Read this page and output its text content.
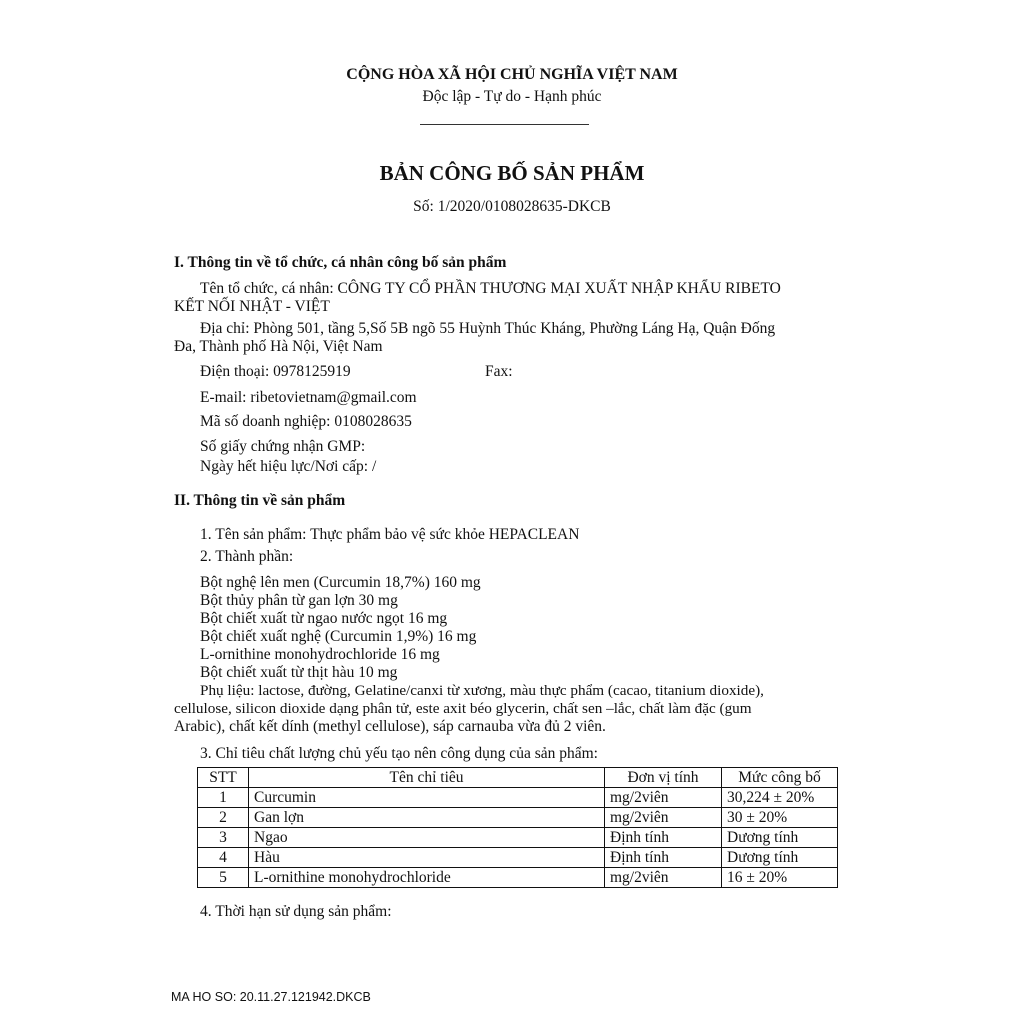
CỘNG HÒA XÃ HỘI CHỦ NGHĨA VIỆT NAM
Độc lập - Tự do - Hạnh phúc
BẢN CÔNG BỐ SẢN PHẨM
Số: 1/2020/0108028635-DKCB
I. Thông tin về tổ chức, cá nhân công bố sản phẩm
Tên tổ chức, cá nhân: CÔNG TY CỔ PHẦN THƯƠNG MẠI XUẤT NHẬP KHẨU RIBETO
KẾT NỐI NHẬT - VIỆT
Địa chỉ: Phòng 501, tầng 5,Số 5B ngõ 55 Huỳnh Thúc Kháng, Phường Láng Hạ, Quận Đống
Đa, Thành phố Hà Nội, Việt Nam
Điện thoại: 0978125919	Fax:
E-mail: ribetovietnam@gmail.com
Mã số doanh nghiệp: 0108028635
Số giấy chứng nhận GMP:
Ngày hết hiệu lực/Nơi cấp: /
II. Thông tin về sản phẩm
1. Tên sản phẩm: Thực phẩm bảo vệ sức khỏe HEPACLEAN
2. Thành phần:
Bột nghệ lên men (Curcumin 18,7%) 160 mg
Bột thủy phân từ gan lợn 30 mg
Bột chiết xuất từ ngao nước ngọt 16 mg
Bột chiết xuất nghệ (Curcumin 1,9%) 16 mg
L-ornithine monohydrochloride 16 mg
Bột chiết xuất từ thịt hàu 10 mg
Phụ liệu: lactose, đường, Gelatine/canxi từ xương, màu thực phẩm (cacao, titanium dioxide),
cellulose, silicon dioxide dạng phân tử, este axit béo glycerin, chất sen –lắc, chất làm đặc (gum
Arabic), chất kết dính (methyl cellulose), sáp carnauba vừa đủ 2 viên.
3. Chỉ tiêu chất lượng chủ yếu tạo nên công dụng của sản phẩm:
STT	Tên chỉ tiêu	Đơn vị tính	Mức công bố
1	Curcumin	mg/2viên	30,224 ± 20%
2	Gan lợn	mg/2viên	30 ± 20%
3	Ngao	Định tính	Dương tính
4	Hàu	Định tính	Dương tính
5	L-ornithine monohydrochloride	mg/2viên	16 ± 20%
4. Thời hạn sử dụng sản phẩm:
MA HO SO: 20.11.27.121942.DKCB
